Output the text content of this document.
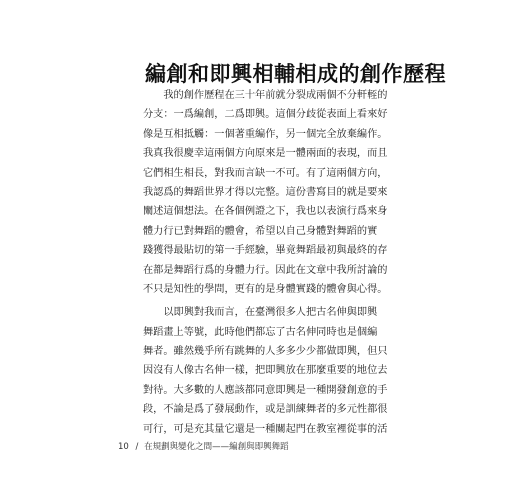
編創和即興相輔相成的創作歷程
　　我的創作歷程在三十年前就分裂成兩個不分軒輊的
分支：一爲編創，二爲即興。這個分歧從表面上看來好
像是互相抵觸：一個著重編作，另一個完全放棄編作。
我真我很慶幸這兩個方向原來是一體兩面的表現，而且
它們相生相長，對我而言缺一不可。有了這兩個方向，
我認爲的舞蹈世界才得以完整。這份書寫目的就是要來
闡述這個想法。在各個例證之下，我也以表演行爲來身
體力行已對舞蹈的體會，希望以自己身體對舞蹈的實
踐獲得最貼切的第一手經驗，畢竟舞蹈最初與最終的存
在都是舞蹈行爲的身體力行。因此在文章中我所討論的
不只是知性的學問，更有的是身體實踐的體會與心得。
　　以即興對我而言，在臺灣很多人把古名伸與即興
舞蹈畫上等號，此時他們都忘了古名伸同時也是個編
舞者。雖然幾乎所有跳舞的人多多少少都做即興，但只
因沒有人像古名伸一樣，把即興放在那麼重要的地位去
對待。大多數的人應該都同意即興是一種開發創意的手
段，不論是爲了發展動作，或是訓練舞者的多元性都很
可行，可是充其量它還是一種關起門在教室裡從事的活
10 / 在規劃與變化之間——編創與即興舞蹈
